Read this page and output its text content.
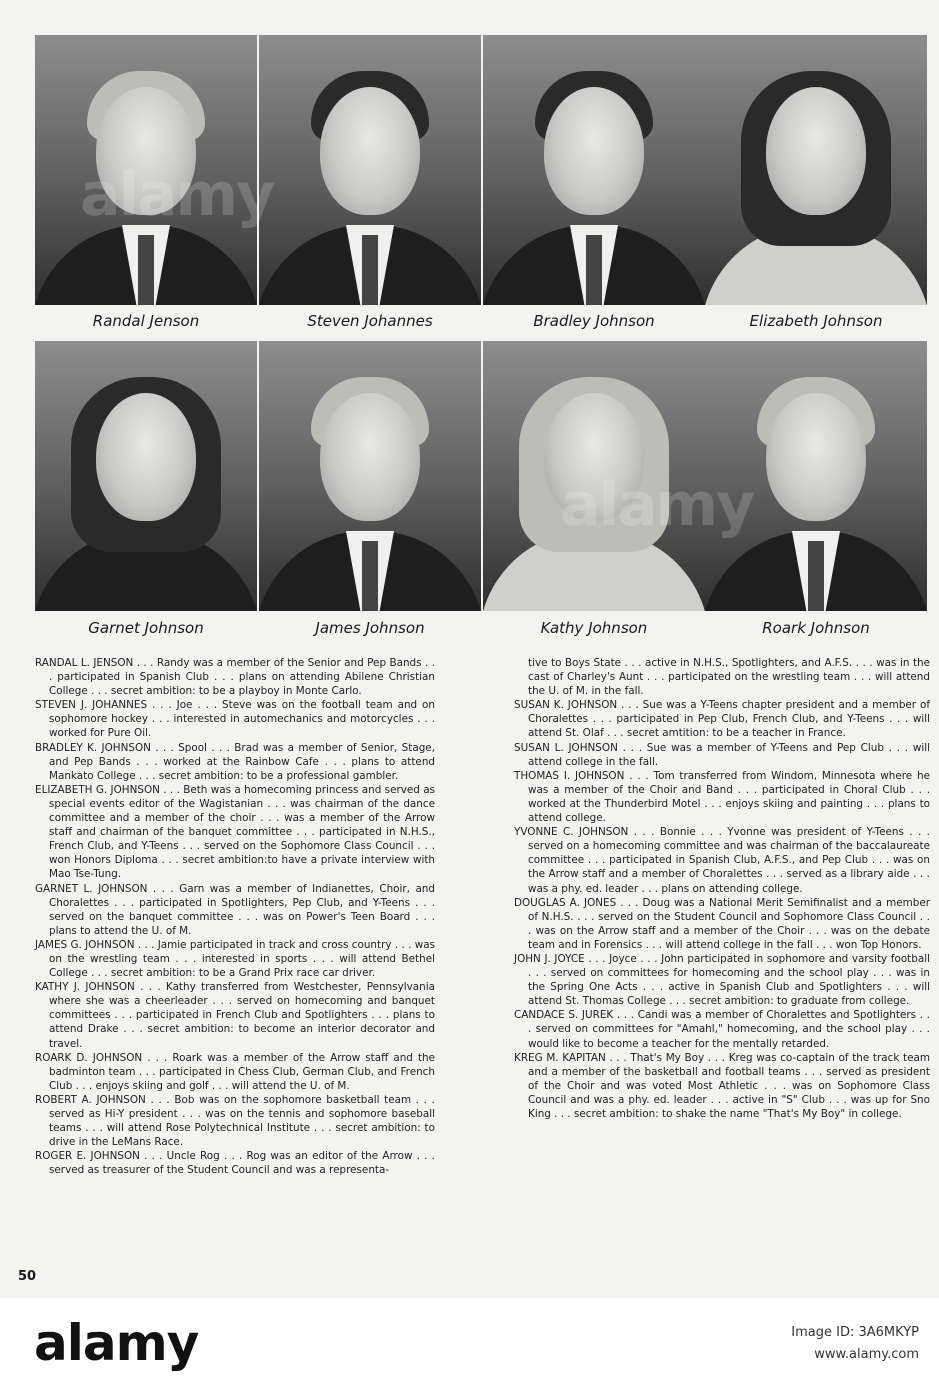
Randal Jenson	Steven Johannes	Bradley Johnson	Elizabeth Johnson
Garnet Johnson	James Johnson	Kathy Johnson	Roark Johnson

RANDAL L. JENSON . . . Randy was a member of the Senior and Pep Bands . . . participated in Spanish Club . . . plans on attending Abilene Christian College . . . secret ambition: to be a playboy in Monte Carlo.

STEVEN J. JOHANNES . . . Joe . . . Steve was on the football team and on sophomore hockey . . . interested in automechanics and motorcycles . . . worked for Pure Oil.

BRADLEY K. JOHNSON . . . Spool . . . Brad was a member of Senior, Stage, and Pep Bands . . . worked at the Rainbow Cafe . . . plans to attend Mankato College . . . secret ambition: to be a professional gambler.

ELIZABETH G. JOHNSON . . . Beth was a homecoming princess and served as special events editor of the Wagistanian . . . was chairman of the dance committee and a member of the choir . . . was a member of the Arrow staff and chairman of the banquet committee . . . participated in N.H.S., French Club, and Y-Teens . . . served on the Sophomore Class Council . . . won Honors Diploma . . . secret ambition:to have a private interview with Mao Tse-Tung.

GARNET L. JOHNSON . . . Garn was a member of Indianettes, Choir, and Choralettes . . . participated in Spotlighters, Pep Club, and Y-Teens . . . served on the banquet committee . . . was on Power's Teen Board . . . plans to attend the U. of M.

JAMES G. JOHNSON . . . Jamie participated in track and cross country . . . was on the wrestling team . . . interested in sports . . . will attend Bethel College . . . secret ambition: to be a Grand Prix race car driver.

KATHY J. JOHNSON . . . Kathy transferred from Westchester, Pennsylvania where she was a cheerleader . . . served on homecoming and banquet committees . . . participated in French Club and Spotlighters . . . plans to attend Drake . . . secret ambition: to become an interior decorator and travel.

ROARK D. JOHNSON . . . Roark was a member of the Arrow staff and the badminton team . . . participated in Chess Club, German Club, and French Club . . . enjoys skiing and golf . . . will attend the U. of M.

ROBERT A. JOHNSON . . . Bob was on the sophomore basketball team . . . served as Hi-Y president . . . was on the tennis and sophomore baseball teams . . . will attend Rose Polytechnical Institute . . . secret ambition: to drive in the LeMans Race.

ROGER E. JOHNSON . . . Uncle Rog . . . Rog was an editor of the Arrow . . . served as treasurer of the Student Council and was a representa-

tive to Boys State . . . active in N.H.S., Spotlighters, and A.F.S. . . . was in the cast of Charley's Aunt . . . participated on the wrestling team . . . will attend the U. of M. in the fall.

SUSAN K. JOHNSON . . . Sue was a Y-Teens chapter president and a member of Choralettes . . . participated in Pep Club, French Club, and Y-Teens . . . will attend St. Olaf . . . secret amtition: to be a teacher in France.

SUSAN L. JOHNSON . . . Sue was a member of Y-Teens and Pep Club . . . will attend college in the fall.

THOMAS I. JOHNSON . . . Tom transferred from Windom, Minnesota where he was a member of the Choir and Band . . . participated in Choral Club . . . worked at the Thunderbird Motel . . . enjoys skiing and painting . . . plans to attend college.

YVONNE C. JOHNSON . . . Bonnie . . . Yvonne was president of Y-Teens . . . served on a homecoming committee and was chairman of the baccalaureate committee . . . participated in Spanish Club, A.F.S., and Pep Club . . . was on the Arrow staff and a member of Choralettes . . . served as a library aide . . . was a phy. ed. leader . . . plans on attending college.

DOUGLAS A. JONES . . . Doug was a National Merit Semifinalist and a member of N.H.S. . . . served on the Student Council and Sophomore Class Council . . . was on the Arrow staff and a member of the Choir . . . was on the debate team and in Forensics . . . will attend college in the fall . . . won Top Honors.

JOHN J. JOYCE . . . Joyce . . . John participated in sophomore and varsity football . . . served on committees for homecoming and the school play . . . was in the Spring One Acts . . . active in Spanish Club and Spotlighters . . . will attend St. Thomas College . . . secret ambition: to graduate from college.

CANDACE S. JUREK . . . Candi was a member of Choralettes and Spotlighters . . . served on committees for "Amahl," homecoming, and the school play . . . would like to become a teacher for the mentally retarded.

KREG M. KAPITAN . . . That's My Boy . . . Kreg was co-captain of the track team and a member of the basketball and football teams . . . served as president of the Choir and was voted Most Athletic . . . was on Sophomore Class Council and was a phy. ed. leader . . . active in "S" Club . . . was up for Sno King . . . secret ambition: to shake the name "That's My Boy" in college.

50
alamy
alamy
alamy	Image ID: 3A6MKYP
www.alamy.com
